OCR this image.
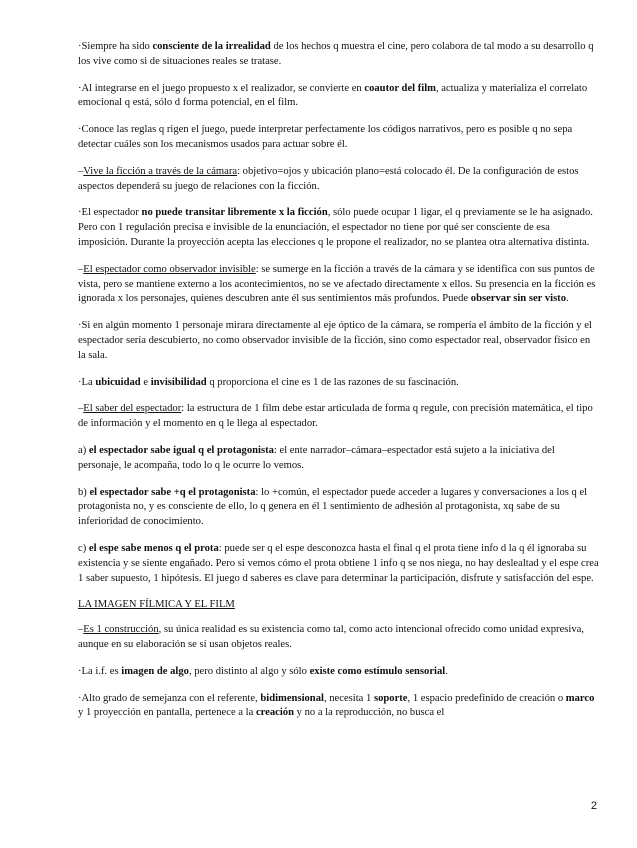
·Siempre ha sido consciente de la irrealidad de los hechos q muestra el cine, pero colabora de tal modo a su desarrollo q los vive como si de situaciones reales se tratase.

·Al integrarse en el juego propuesto x el realizador, se convierte en coautor del film, actualiza y materializa el correlato emocional q está, sólo d forma potencial, en el film.

·Conoce las reglas q rigen el juego, puede interpretar perfectamente los códigos narrativos, pero es posible q no sepa detectar cuáles son los mecanismos usados para actuar sobre él.

–Vive la ficción a través de la cámara: objetivo=ojos y ubicación plano=está colocado él. De la configuración de estos aspectos dependerá su juego de relaciones con la ficción.

·El espectador no puede transitar libremente x la ficción, sólo puede ocupar 1 ligar, el q previamente se le ha asignado. Pero con 1 regulación precisa e invisible de la enunciación, el espectador no tiene por qué ser consciente de esa imposición. Durante la proyección acepta las elecciones q le propone el realizador, no se plantea otra alternativa distinta.

–El espectador como observador invisible: se sumerge en la ficción a través de la cámara y se identifica con sus puntos de vista, pero se mantiene externo a los acontecimientos, no se ve afectado directamente x ellos. Su presencia en la ficción es ignorada x los personajes, quienes descubren ante él sus sentimientos más profundos. Puede observar sin ser visto.

·Si en algún momento 1 personaje mirara directamente al eje óptico de la cámara, se rompería el ámbito de la ficción y el espectador sería descubierto, no como observador invisible de la ficción, sino como espectador real, observador físico en la sala.

·La ubicuidad e invisibilidad q proporciona el cine es 1 de las razones de su fascinación.

–El saber del espectador: la estructura de 1 film debe estar articulada de forma q regule, con precisión matemática, el tipo de información y el momento en q le llega al espectador.

a) el espectador sabe igual q el protagonista: el ente narrador–cámara–espectador está sujeto a la iniciativa del personaje, le acompaña, todo lo q le ocurre lo vemos.

b) el espectador sabe +q el protagonista: lo +común, el espectador puede acceder a lugares y conversaciones a los q el protagonista no, y es consciente de ello, lo q genera en él 1 sentimiento de adhesión al protagonista, xq sabe de su inferioridad de conocimiento.

c) el espe sabe menos q el prota: puede ser q el espe desconozca hasta el final q el prota tiene info d la q él ignoraba su existencia y se siente engañado. Pero si vemos cómo el prota obtiene 1 info q se nos niega, no hay deslealtad y el espe crea 1 saber supuesto, 1 hipótesis. El juego d saberes es clave para determinar la participación, disfrute y satisfacción del espe.

LA IMAGEN FÍLMICA Y EL FILM

–Es 1 construcción, su única realidad es su existencia como tal, como acto intencional ofrecido como unidad expresiva, aunque en su elaboración se sí usan objetos reales.

·La i.f. es imagen de algo, pero distinto al algo y sólo existe como estímulo sensorial.

·Alto grado de semejanza con el referente, bidimensional, necesita 1 soporte, 1 espacio predefinido de creación o marco y 1 proyección en pantalla, pertenece a la creación y no a la reproducción, no busca el

2
